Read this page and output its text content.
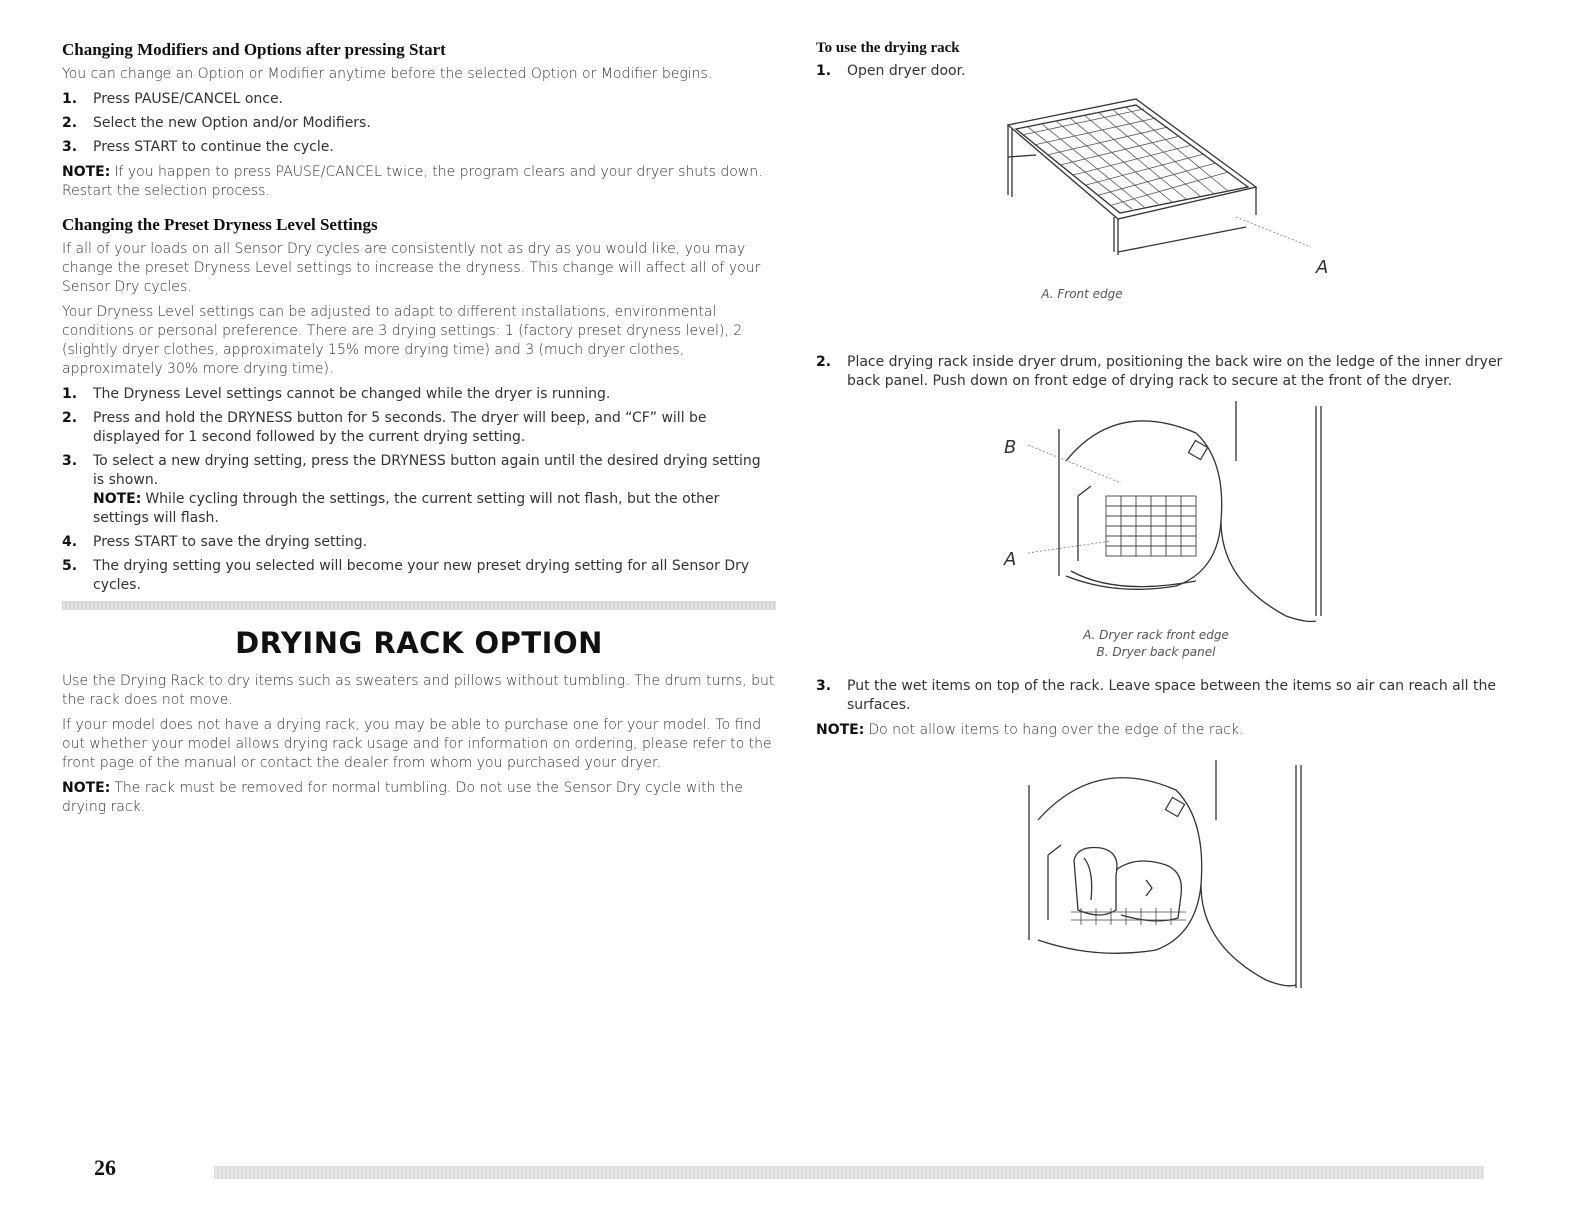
Changing Modifiers and Options after pressing Start

You can change an Option or Modifier anytime before the selected Option or Modifier begins.

1.	Press PAUSE/CANCEL once.
2.	Select the new Option and/or Modifiers.
3.	Press START to continue the cycle.

NOTE: If you happen to press PAUSE/CANCEL twice, the program clears and your dryer shuts down. Restart the selection process.

Changing the Preset Dryness Level Settings

If all of your loads on all Sensor Dry cycles are consistently not as dry as you would like, you may change the preset Dryness Level settings to increase the dryness. This change will affect all of your Sensor Dry cycles.

Your Dryness Level settings can be adjusted to adapt to different installations, environmental conditions or personal preference. There are 3 drying settings: 1 (factory preset dryness level), 2 (slightly dryer clothes, approximately 15% more drying time) and 3 (much dryer clothes, approximately 30% more drying time).

1.	The Dryness Level settings cannot be changed while the dryer is running.
2.	Press and hold the DRYNESS button for 5 seconds. The dryer will beep, and “CF” will be displayed for 1 second followed by the current drying setting.
3.	To select a new drying setting, press the DRYNESS button again until the desired drying setting is shown.
NOTE: While cycling through the settings, the current setting will not flash, but the other settings will flash.
4.	Press START to save the drying setting.
5.	The drying setting you selected will become your new preset drying setting for all Sensor Dry cycles.
DRYING RACK OPTION

Use the Drying Rack to dry items such as sweaters and pillows without tumbling. The drum turns, but the rack does not move.

If your model does not have a drying rack, you may be able to purchase one for your model. To find out whether your model allows drying rack usage and for information on ordering, please refer to the front page of the manual or contact the dealer from whom you purchased your dryer.

NOTE: The rack must be removed for normal tumbling. Do not use the Sensor Dry cycle with the drying rack.

To use the drying rack
1.	Open dryer door.
A
A. Front edge
2.	Place drying rack inside dryer drum, positioning the back wire on the ledge of the inner dryer back panel. Push down on front edge of drying rack to secure at the front of the dryer.
B
A
A. Dryer rack front edge
B. Dryer back panel
3.	Put the wet items on top of the rack. Leave space between the items so air can reach all the surfaces.

NOTE: Do not allow items to hang over the edge of the rack.

26
